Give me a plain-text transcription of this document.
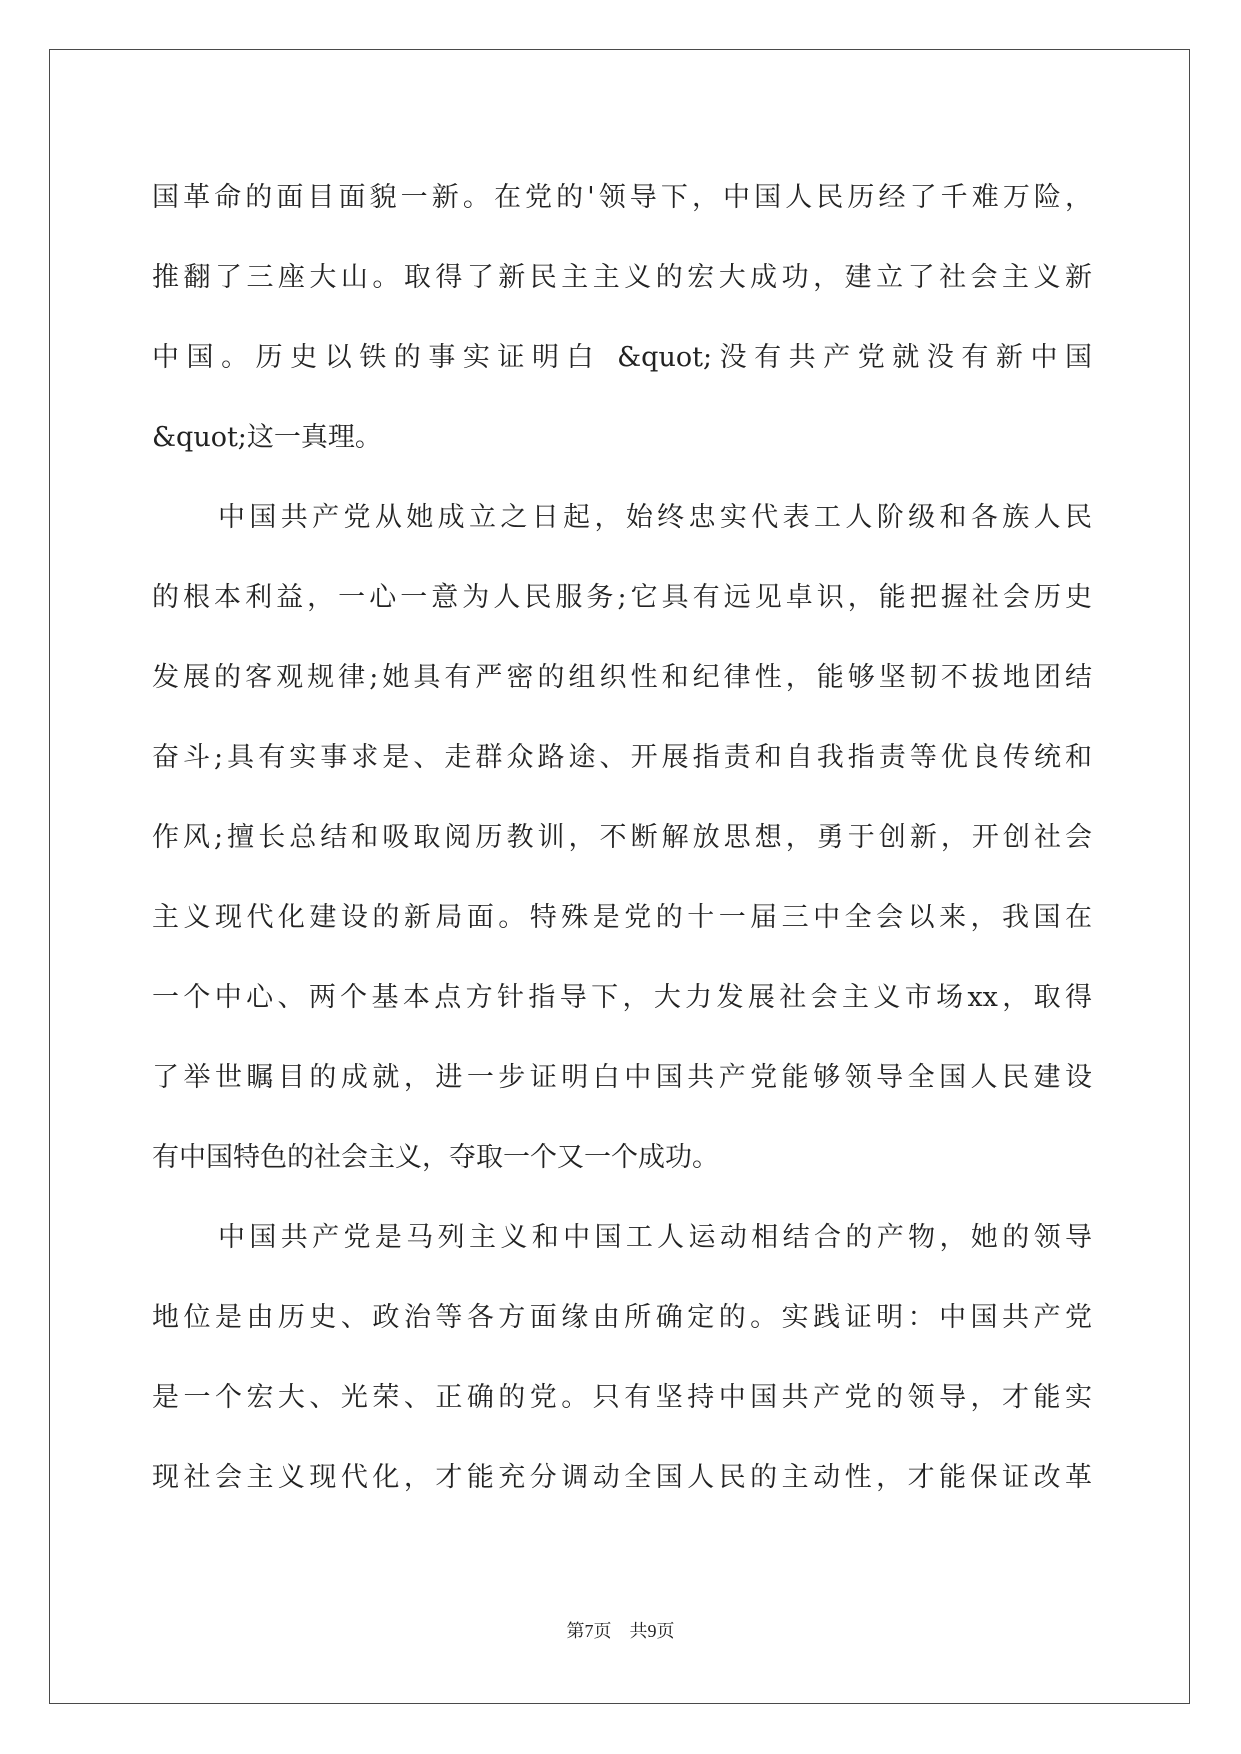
国革命的面目面貌一新。在党的'领导下，中国人民历经了千难万险，
推翻了三座大山。取得了新民主主义的宏大成功，建立了社会主义新
中国。历史以铁的事实证明白 &quot;没有共产党就没有新中国
&quot;这一真理。
中国共产党从她成立之日起，始终忠实代表工人阶级和各族人民
的根本利益，一心一意为人民服务;它具有远见卓识，能把握社会历史
发展的客观规律;她具有严密的组织性和纪律性，能够坚韧不拔地团结
奋斗;具有实事求是、走群众路途、开展指责和自我指责等优良传统和
作风;擅长总结和吸取阅历教训，不断解放思想，勇于创新，开创社会
主义现代化建设的新局面。特殊是党的十一届三中全会以来，我国在
一个中心、两个基本点方针指导下，大力发展社会主义市场xx，取得
了举世瞩目的成就，进一步证明白中国共产党能够领导全国人民建设
有中国特色的社会主义，夺取一个又一个成功。
中国共产党是马列主义和中国工人运动相结合的产物，她的领导
地位是由历史、政治等各方面缘由所确定的。实践证明：中国共产党
是一个宏大、光荣、正确的党。只有坚持中国共产党的领导，才能实
现社会主义现代化，才能充分调动全国人民的主动性，才能保证改革
第7页　共9页
